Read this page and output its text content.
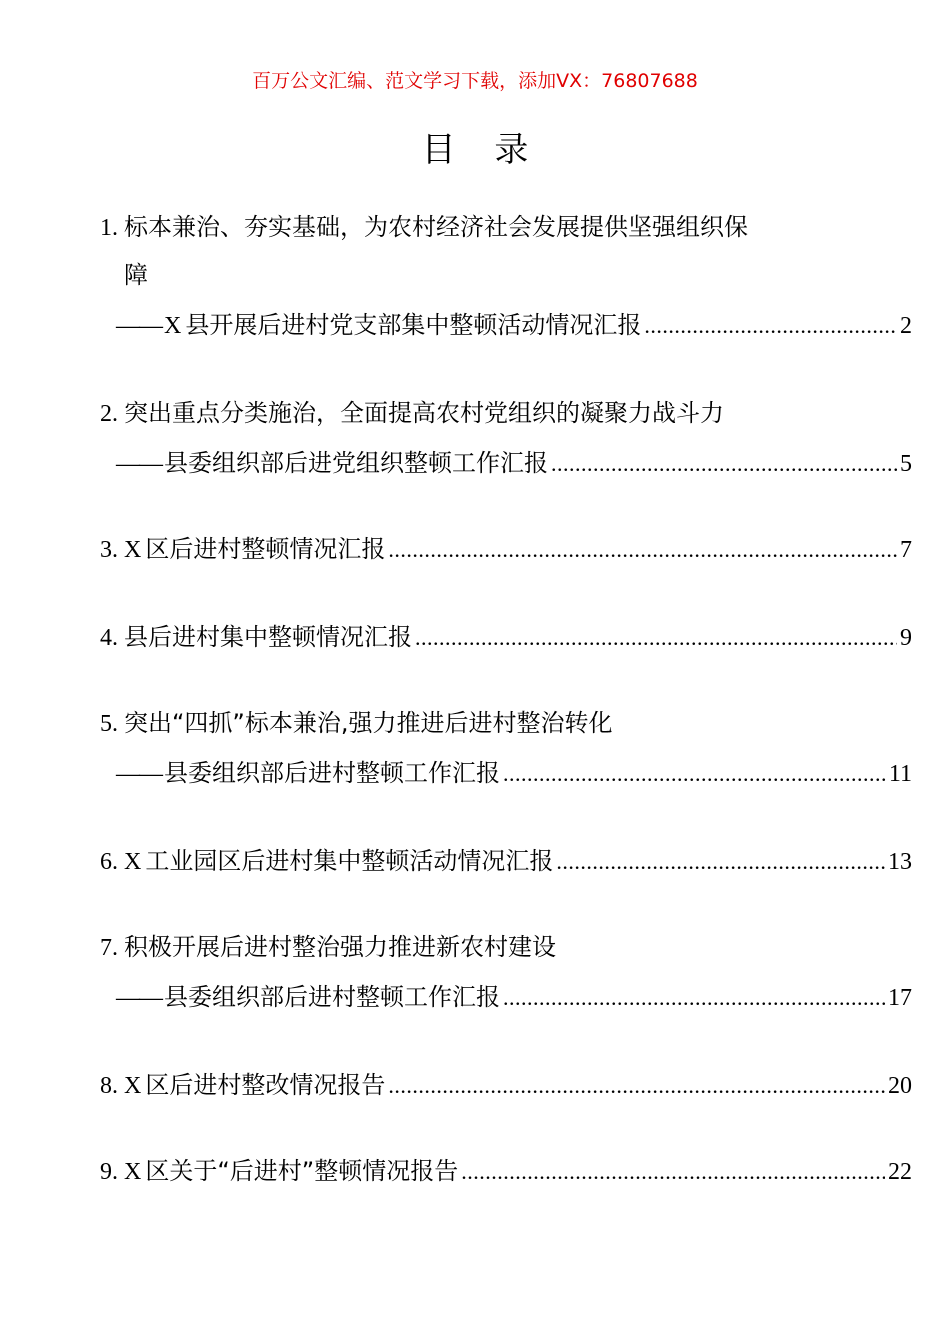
百万公文汇编、范文学习下载，添加VX：76807688
目 录
1. 标本兼治、夯实基础，为农村经济社会发展提供坚强组织保
障
—— X 县开展后进村党支部集中整顿活动情况汇报 .....	2
2. 突出重点分类施治，全面提高农村党组织的凝聚力战斗力
—— 县委组织部后进党组织整顿工作汇报 .....	5
3. X 区后进村整顿情况汇报 .....	7
4. 县后进村集中整顿情况汇报 .....	9
5. 突出“四抓”标本兼治,强力推进后进村整治转化
—— 县委组织部后进村整顿工作汇报 .....	11
6. X 工业园区后进村集中整顿活动情况汇报 .....	13
7. 积极开展后进村整治强力推进新农村建设
—— 县委组织部后进村整顿工作汇报 .....	17
8. X 区后进村整改情况报告 .....	20
9. X 区关于“后进村”整顿情况报告 .....	22
